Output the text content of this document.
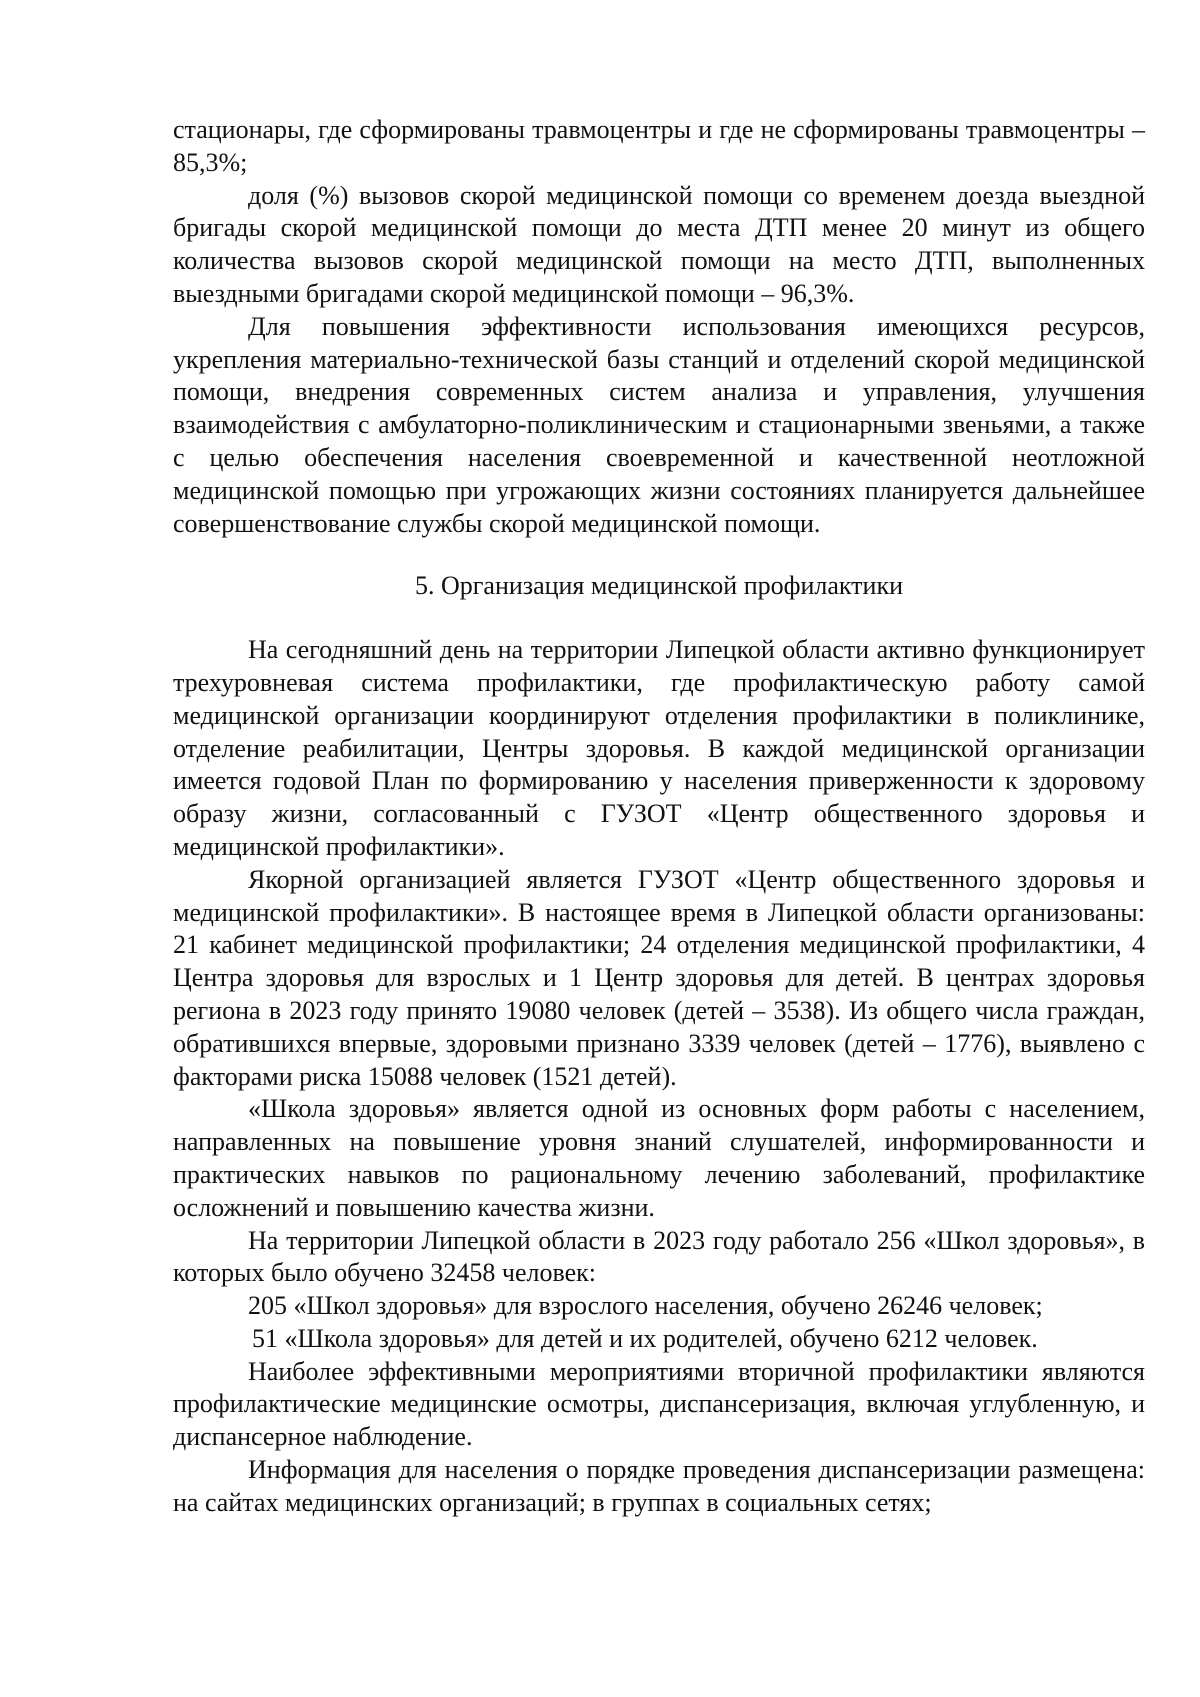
стационары, где сформированы травмоцентры и где не сформированы травмоцентры – 85,3%;

доля (%) вызовов скорой медицинской помощи со временем доезда выездной бригады скорой медицинской помощи до места ДТП менее 20 минут из общего количества вызовов скорой медицинской помощи на место ДТП, выполненных выездными бригадами скорой медицинской помощи – 96,3%.

Для повышения эффективности использования имеющихся ресурсов, укрепления материально-технической базы станций и отделений скорой медицинской помощи, внедрения современных систем анализа и управления, улучшения взаимодействия с амбулаторно-поликлиническим и стационарными звеньями, а также с целью обеспечения населения своевременной и качественной неотложной медицинской помощью при угрожающих жизни состояниях планируется дальнейшее совершенствование службы скорой медицинской помощи.

5. Организация медицинской профилактики

На сегодняшний день на территории Липецкой области активно функционирует трехуровневая система профилактики, где профилактическую работу самой медицинской организации координируют отделения профилактики в поликлинике, отделение реабилитации, Центры здоровья. В каждой медицинской организации имеется годовой План по формированию у населения приверженности к здоровому образу жизни, согласованный с ГУЗОТ «Центр общественного здоровья и медицинской профилактики».

Якорной организацией является ГУЗОТ «Центр общественного здоровья и медицинской профилактики». В настоящее время в Липецкой области организованы: 21 кабинет медицинской профилактики; 24 отделения медицинской профилактики, 4 Центра здоровья для взрослых и 1 Центр здоровья для детей. В центрах здоровья региона в 2023 году принято 19080 человек (детей – 3538). Из общего числа граждан, обратившихся впервые, здоровыми признано 3339 человек (детей – 1776), выявлено с факторами риска 15088 человек (1521 детей).

«Школа здоровья» является одной из основных форм работы с населением, направленных на повышение уровня знаний слушателей, информированности и практических навыков по рациональному лечению заболеваний, профилактике осложнений и повышению качества жизни.

На территории Липецкой области в 2023 году работало 256 «Школ здоровья», в которых было обучено 32458 человек:

205 «Школ здоровья» для взрослого населения, обучено 26246 человек;

51 «Школа здоровья» для детей и их родителей, обучено 6212 человек.

Наиболее эффективными мероприятиями вторичной профилактики являются профилактические медицинские осмотры, диспансеризация, включая углубленную, и диспансерное наблюдение.

Информация для населения о порядке проведения диспансеризации размещена: на сайтах медицинских организаций; в группах в социальных сетях;
